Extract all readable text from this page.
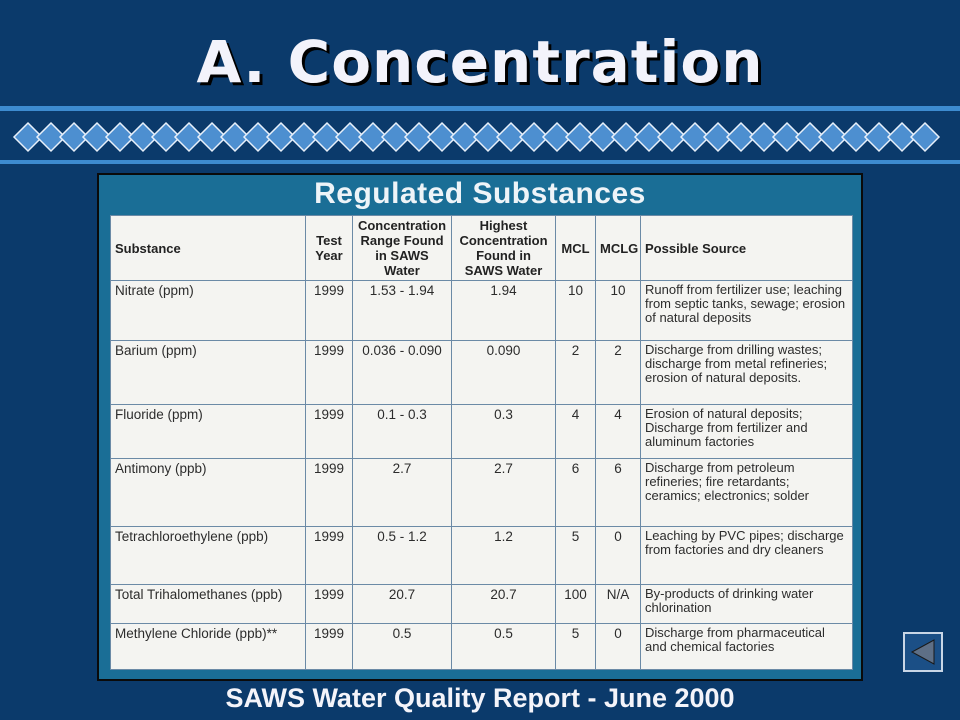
A. Concentration
Regulated Substances
Substance	Test Year	Concentration Range Found in SAWS Water	Highest Concentration Found in SAWS Water	MCL	MCLG	Possible Source
Nitrate (ppm)	1999	1.53 - 1.94	1.94	10	10	Runoff from fertilizer use; leaching from septic tanks, sewage; erosion of natural deposits
Barium (ppm)	1999	0.036 - 0.090	0.090	2	2	Discharge from drilling wastes; discharge from metal refineries; erosion of natural deposits.
Fluoride (ppm)	1999	0.1 - 0.3	0.3	4	4	Erosion of natural deposits; Discharge from fertilizer and aluminum factories
Antimony (ppb)	1999	2.7	2.7	6	6	Discharge from petroleum refineries; fire retardants; ceramics; electronics; solder
Tetrachloroethylene (ppb)	1999	0.5 - 1.2	1.2	5	0	Leaching by PVC pipes; discharge from factories and dry cleaners
Total Trihalomethanes (ppb)	1999	20.7	20.7	100	N/A	By-products of drinking water chlorination
Methylene Chloride (ppb)**	1999	0.5	0.5	5	0	Discharge from pharmaceutical and chemical factories
SAWS Water Quality Report - June 2000
